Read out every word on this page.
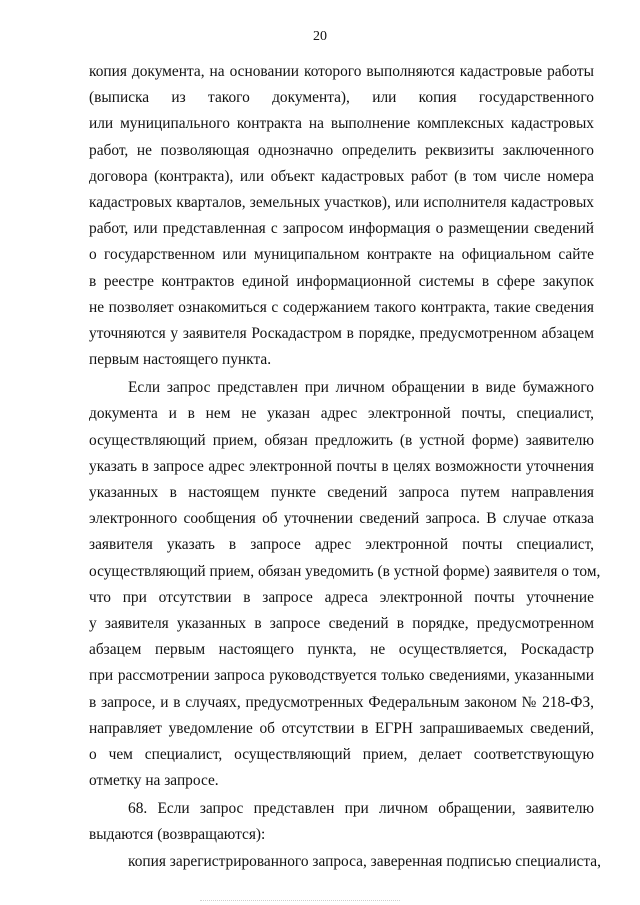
20
копия документа, на основании которого выполняются кадастровые работы
(выписка из такого документа), или копия государственного
или муниципального контракта на выполнение комплексных кадастровых
работ, не позволяющая однозначно определить реквизиты заключенного
договора (контракта), или объект кадастровых работ (в том числе номера
кадастровых кварталов, земельных участков), или исполнителя кадастровых
работ, или представленная с запросом информация о размещении сведений
о государственном или муниципальном контракте на официальном сайте
в реестре контрактов единой информационной системы в сфере закупок
не позволяет ознакомиться с содержанием такого контракта, такие сведения
уточняются у заявителя Роскадастром в порядке, предусмотренном абзацем
первым настоящего пункта.
Если запрос представлен при личном обращении в виде бумажного
документа и в нем не указан адрес электронной почты, специалист,
осуществляющий прием, обязан предложить (в устной форме) заявителю
указать в запросе адрес электронной почты в целях возможности уточнения
указанных в настоящем пункте сведений запроса путем направления
электронного сообщения об уточнении сведений запроса. В случае отказа
заявителя указать в запросе адрес электронной почты специалист,
осуществляющий прием, обязан уведомить (в устной форме) заявителя о том,
что при отсутствии в запросе адреса электронной почты уточнение
у заявителя указанных в запросе сведений в порядке, предусмотренном
абзацем первым настоящего пункта, не осуществляется, Роскадастр
при рассмотрении запроса руководствуется только сведениями, указанными
в запросе, и в случаях, предусмотренных Федеральным законом № 218-ФЗ,
направляет уведомление об отсутствии в ЕГРН запрашиваемых сведений,
о чем специалист, осуществляющий прием, делает соответствующую
отметку на запросе.
68. Если запрос представлен при личном обращении, заявителю
выдаются (возвращаются):
копия зарегистрированного запроса, заверенная подписью специалиста,
